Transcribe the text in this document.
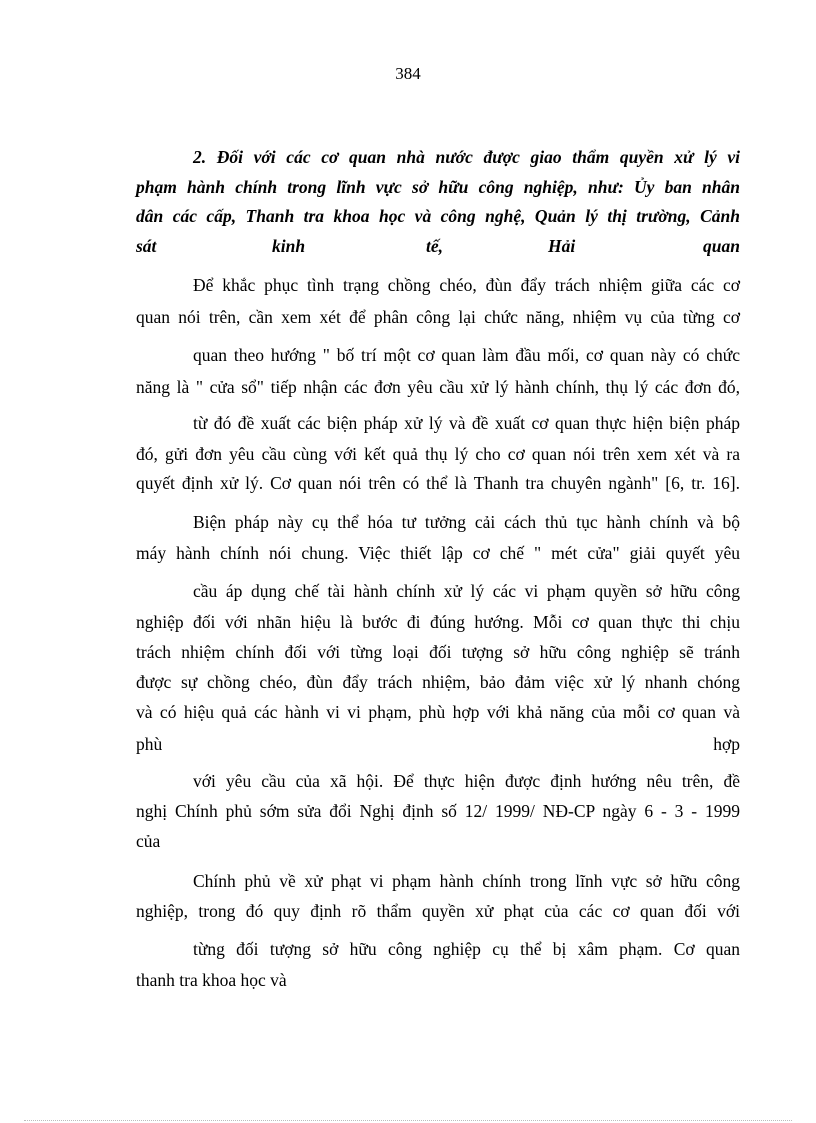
384
2. Đối với các cơ quan nhà nước được giao thẩm quyền xử lý vi
phạm hành chính trong lĩnh vực sở hữu công nghiệp, như: Ủy ban nhân
dân các cấp, Thanh tra khoa học và công nghệ, Quản lý thị trường, Cảnh
sát	kinh	tế,	Hải	quan
Để khắc phục tình trạng chồng chéo, đùn đẩy trách nhiệm giữa các cơ
quan nói trên, cần xem xét để phân công lại chức năng, nhiệm vụ của từng cơ
quan theo hướng " bố trí một cơ quan làm đầu mối, cơ quan này có chức
năng là " cửa sổ" tiếp nhận các đơn yêu cầu xử lý hành chính, thụ lý các đơn đó,
từ đó đề xuất các biện pháp xử lý và đề xuất cơ quan thực hiện biện pháp
đó, gửi đơn yêu cầu cùng với kết quả thụ lý cho cơ quan nói trên xem xét và ra
quyết định xử lý. Cơ quan nói trên có thể là Thanh tra chuyên ngành" [6, tr. 16].
Biện pháp này cụ thể hóa tư tưởng cải cách thủ tục hành chính và bộ
máy hành chính nói chung. Việc thiết lập cơ chế " mét cửa" giải quyết yêu
cầu áp dụng chế tài hành chính xử lý các vi phạm quyền sở hữu công
nghiệp đối với nhãn hiệu là bước đi đúng hướng. Mỗi cơ quan thực thi chịu
trách nhiệm chính đối với từng loại đối tượng sở hữu công nghiệp sẽ tránh
được sự chồng chéo, đùn đẩy trách nhiệm, bảo đảm việc xử lý nhanh chóng
và có hiệu quả các hành vi vi phạm, phù hợp với khả năng của mỗi cơ quan và
phù	hợp
với yêu cầu của xã hội. Để thực hiện được định hướng nêu trên, đề
nghị Chính phủ sớm sửa đổi Nghị định số 12/ 1999/ NĐ-CP ngày 6 - 3 - 1999
của
Chính phủ về xử phạt vi phạm hành chính trong lĩnh vực sở hữu công
nghiệp, trong đó quy định rõ thẩm quyền xử phạt của các cơ quan đối với
từng đối tượng sở hữu công nghiệp cụ thể bị xâm phạm. Cơ quan
thanh tra khoa học và
